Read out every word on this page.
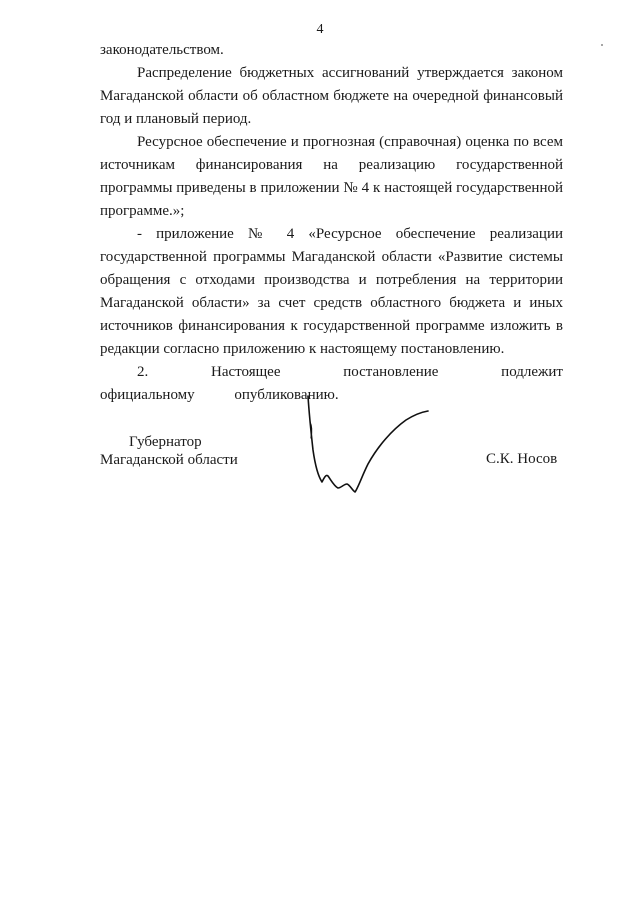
4

законодательством.

Распределение бюджетных ассигнований утверждается законом Магаданской области об областном бюджете на очередной финансовый год и плановый период.

Ресурсное обеспечение и прогнозная (справочная) оценка по всем источникам финансирования на реализацию государственной программы приведены в приложении № 4 к настоящей государственной программе.»;

- приложение № 4 «Ресурсное обеспечение реализации государственной программы Магаданской области «Развитие системы обращения с отходами производства и потребления на территории Магаданской области» за счет средств областного бюджета и иных источников финансирования к государственной программе изложить в редакции согласно приложению к настоящему постановлению.

2. Настоящее постановление подлежит официальному опубликованию.

Губернатор
Магаданской области	С.К. Носов
